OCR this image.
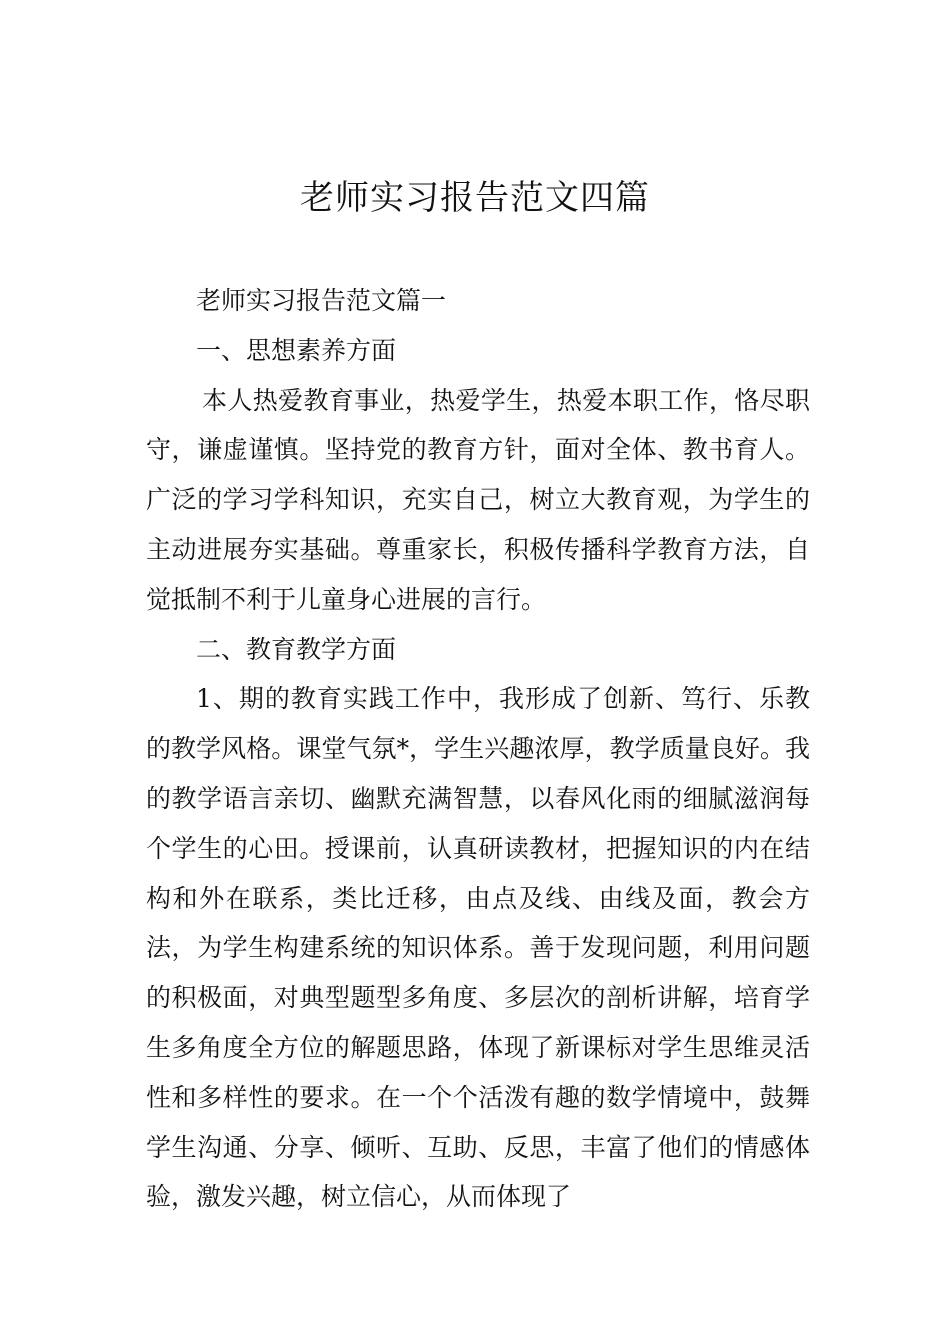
老师实习报告范文四篇

老师实习报告范文篇一

一、思想素养方面

本人热爱教育事业，热爱学生，热爱本职工作，恪尽职守，谦虚谨慎。坚持党的教育方针，面对全体、教书育人。广泛的学习学科知识，充实自己，树立大教育观，为学生的主动进展夯实基础。尊重家长，积极传播科学教育方法，自觉抵制不利于儿童身心进展的言行。

二、教育教学方面

1、期的教育实践工作中，我形成了创新、笃行、乐教的教学风格。课堂气氛*，学生兴趣浓厚，教学质量良好。我的教学语言亲切、幽默充满智慧，以春风化雨的细腻滋润每个学生的心田。授课前，认真研读教材，把握知识的内在结构和外在联系，类比迁移，由点及线、由线及面，教会方法，为学生构建系统的知识体系。善于发现问题，利用问题的积极面，对典型题型多角度、多层次的剖析讲解，培育学生多角度全方位的解题思路，体现了新课标对学生思维灵活性和多样性的要求。在一个个活泼有趣的数学情境中，鼓舞学生沟通、分享、倾听、互助、反思，丰富了他们的情感体验，激发兴趣，树立信心，从而体现了
